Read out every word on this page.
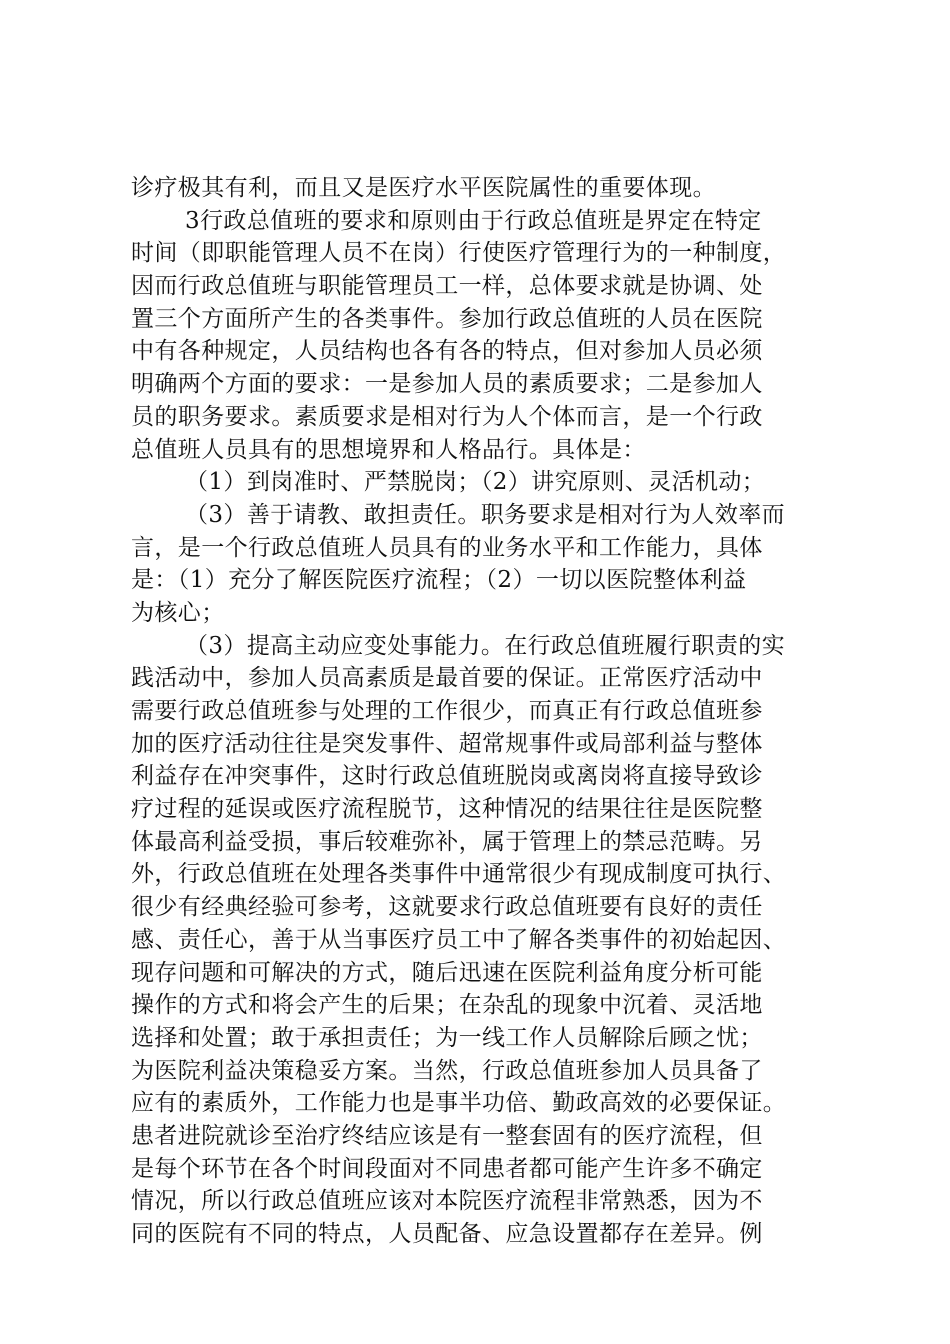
诊疗极其有利，而且又是医疗水平医院属性的重要体现。
3行政总值班的要求和原则由于行政总值班是界定在特定
时间（即职能管理人员不在岗）行使医疗管理行为的一种制度，
因而行政总值班与职能管理员工一样，总体要求就是协调、处
置三个方面所产生的各类事件。参加行政总值班的人员在医院
中有各种规定，人员结构也各有各的特点，但对参加人员必须
明确两个方面的要求：一是参加人员的素质要求；二是参加人
员的职务要求。素质要求是相对行为人个体而言，是一个行政
总值班人员具有的思想境界和人格品行。具体是：
（1）到岗准时、严禁脱岗；（2）讲究原则、灵活机动；
（3）善于请教、敢担责任。职务要求是相对行为人效率而
言，是一个行政总值班人员具有的业务水平和工作能力，具体
是：（1）充分了解医院医疗流程；（2）一切以医院整体利益
为核心；
（3）提高主动应变处事能力。在行政总值班履行职责的实
践活动中，参加人员高素质是最首要的保证。正常医疗活动中
需要行政总值班参与处理的工作很少，而真正有行政总值班参
加的医疗活动往往是突发事件、超常规事件或局部利益与整体
利益存在冲突事件，这时行政总值班脱岗或离岗将直接导致诊
疗过程的延误或医疗流程脱节，这种情况的结果往往是医院整
体最高利益受损，事后较难弥补，属于管理上的禁忌范畴。另
外，行政总值班在处理各类事件中通常很少有现成制度可执行、
很少有经典经验可参考，这就要求行政总值班要有良好的责任
感、责任心，善于从当事医疗员工中了解各类事件的初始起因、
现存问题和可解决的方式，随后迅速在医院利益角度分析可能
操作的方式和将会产生的后果；在杂乱的现象中沉着、灵活地
选择和处置；敢于承担责任；为一线工作人员解除后顾之忧；
为医院利益决策稳妥方案。当然，行政总值班参加人员具备了
应有的素质外，工作能力也是事半功倍、勤政高效的必要保证。
患者进院就诊至治疗终结应该是有一整套固有的医疗流程，但
是每个环节在各个时间段面对不同患者都可能产生许多不确定
情况，所以行政总值班应该对本院医疗流程非常熟悉，因为不
同的医院有不同的特点，人员配备、应急设置都存在差异。例
